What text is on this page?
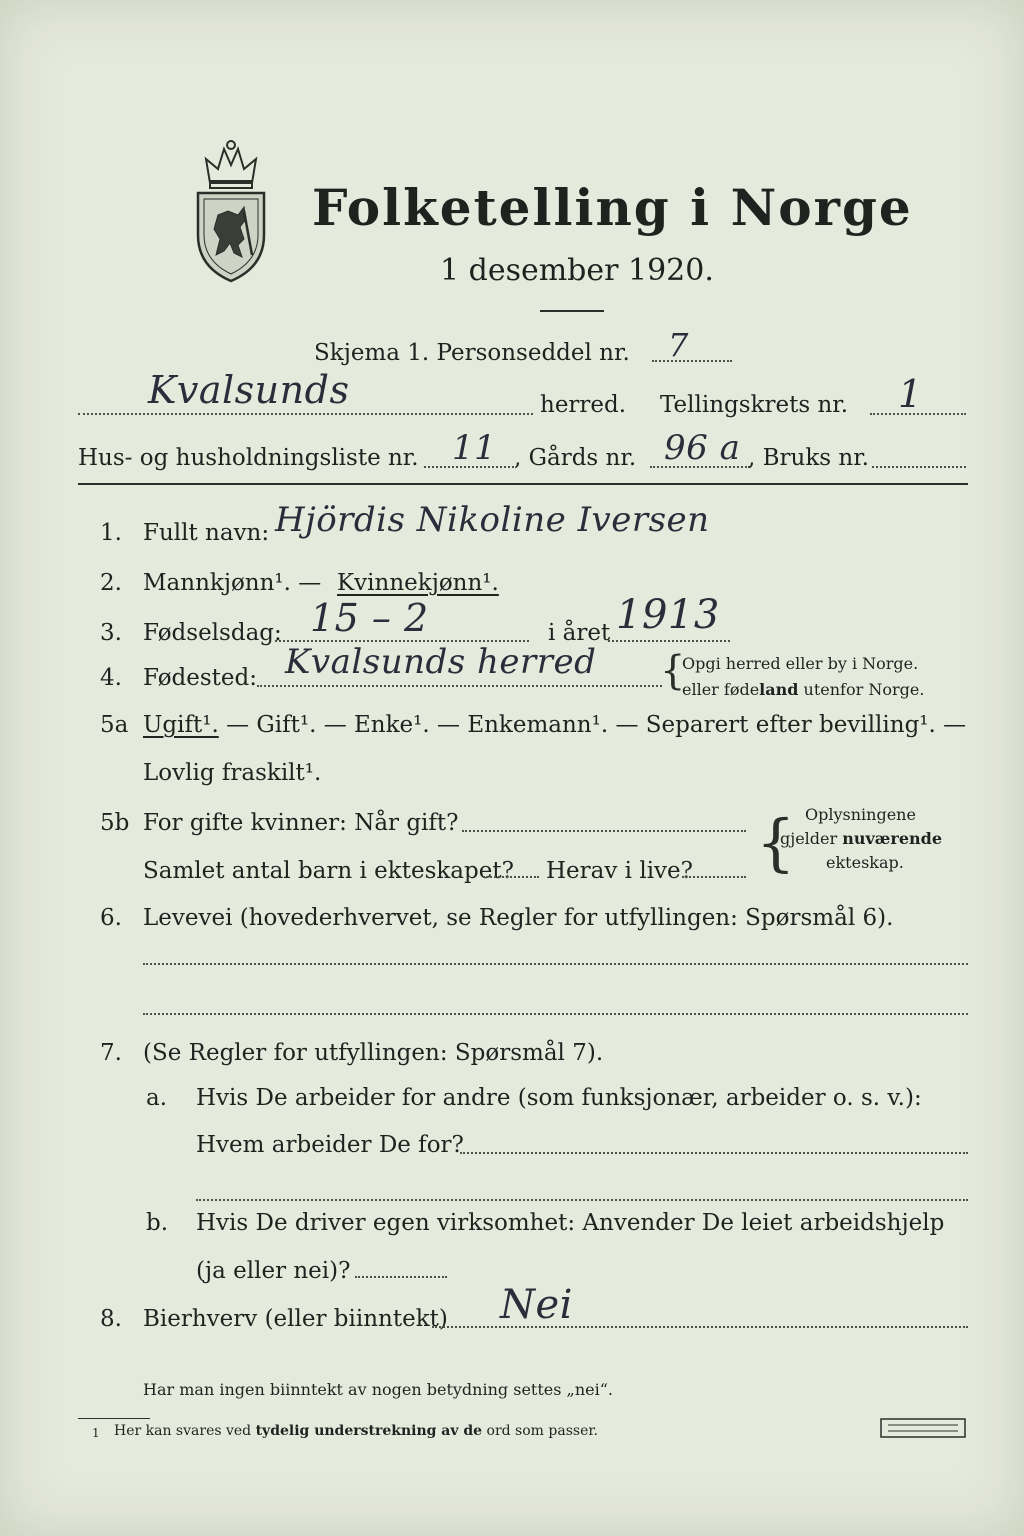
Folketelling i Norge
1 desember 1920.
Skjema 1. Personseddel nr. 7
Kvalsunds	herred. Tellingskrets nr. 1
Hus- og husholdningsliste nr. 11 , Gårds nr. 96 a , Bruks nr.
1. Fullt navn: Hjördis Nikoline Iversen
2. Mannkjønn¹. — Kvinnekjønn¹.
3. Fødselsdag: 15 – 2	i året 1913
4. Fødested: Kvalsunds herred {
Opgi herred eller by i Norge.
eller fødeland utenfor Norge.
5a Ugift¹. — Gift¹. — Enke¹. — Enkemann¹. — Separert efter bevilling¹. —
Lovlig fraskilt¹.
5b For gifte kvinner: Når gift?
Samlet antal barn i ekteskapet? Herav i live? { Oplysningene
gjelder nuværende
ekteskap.
6. Levevei (hovederhvervet, se Regler for utfyllingen: Spørsmål 6).
7. (Se Regler for utfyllingen: Spørsmål 7).
a. Hvis De arbeider for andre (som funksjonær, arbeider o. s. v.):
Hvem arbeider De for?
b. Hvis De driver egen virksomhet: Anvender De leiet arbeidshjelp
(ja eller nei)?
8. Bierhverv (eller biinntekt) Nei
Har man ingen biinntekt av nogen betydning settes „nei“.
1 Her kan svares ved tydelig understrekning av de ord som passer.
